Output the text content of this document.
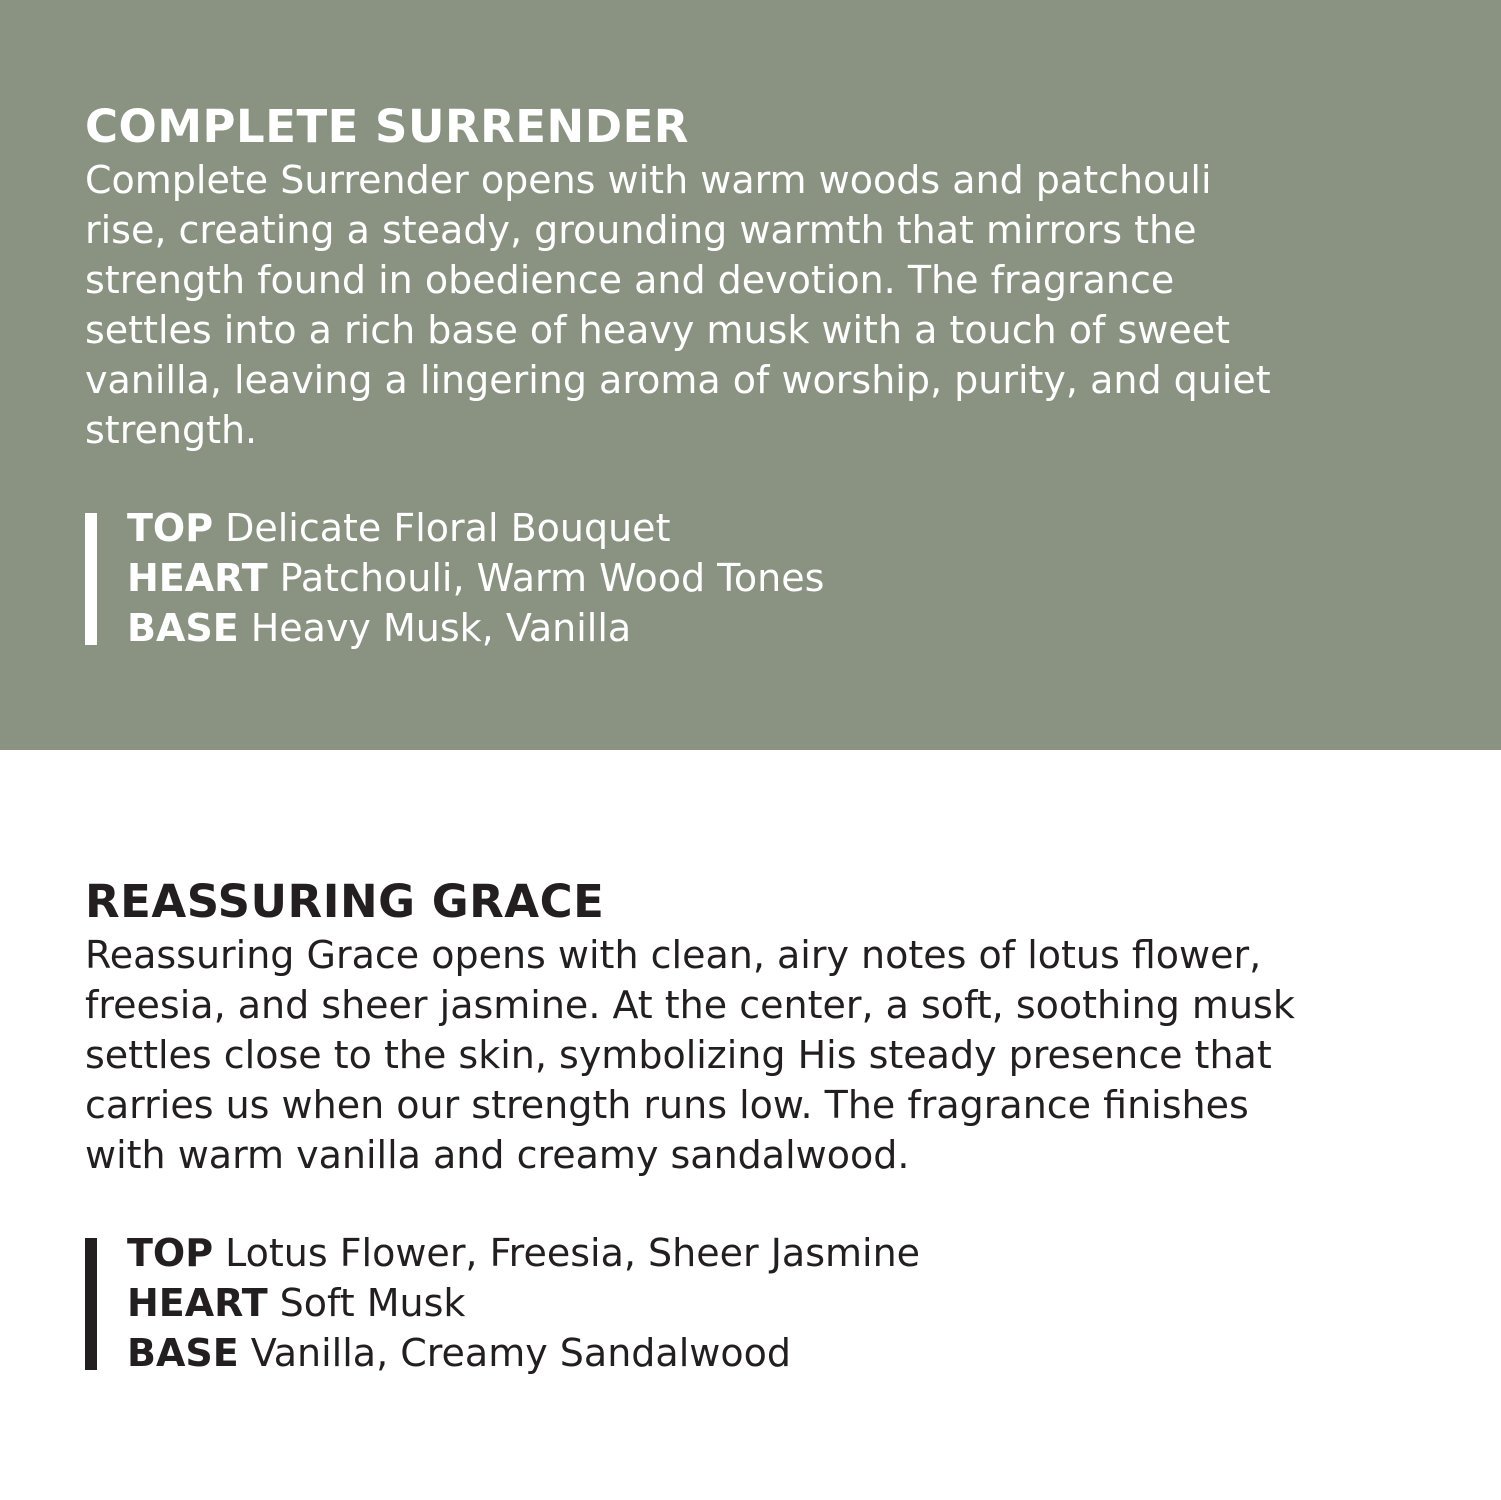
COMPLETE SURRENDER

Complete Surrender opens with warm woods and patchouli
rise, creating a steady, grounding warmth that mirrors the
strength found in obedience and devotion. The fragrance
settles into a rich base of heavy musk with a touch of sweet
vanilla, leaving a lingering aroma of worship, purity, and quiet
strength.

TOP Delicate Floral Bouquet
HEART Patchouli, Warm Wood Tones
BASE Heavy Musk, Vanilla
REASSURING GRACE

Reassuring Grace opens with clean, airy notes of lotus flower,
freesia, and sheer jasmine. At the center, a soft, soothing musk
settles close to the skin, symbolizing His steady presence that
carries us when our strength runs low. The fragrance finishes
with warm vanilla and creamy sandalwood.

TOP Lotus Flower, Freesia, Sheer Jasmine
HEART Soft Musk
BASE Vanilla, Creamy Sandalwood
